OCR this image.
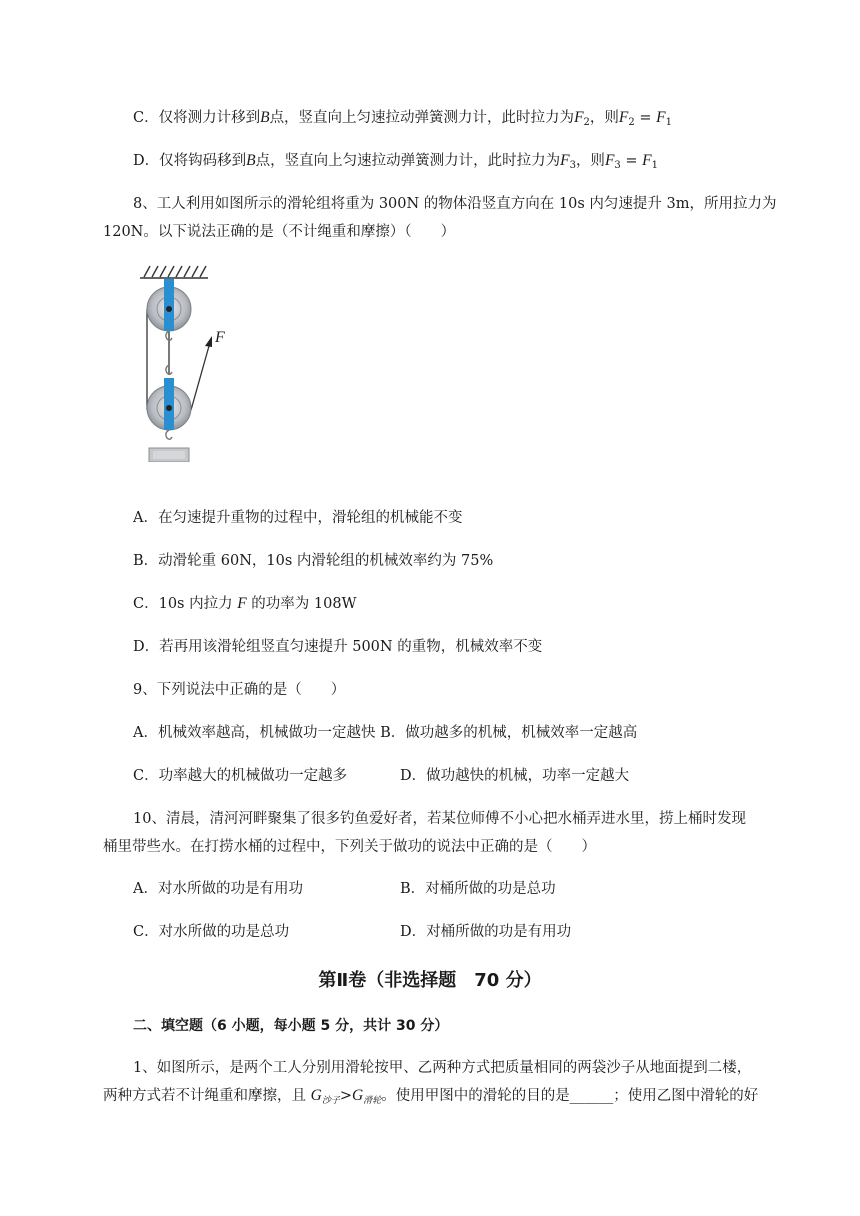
C．仅将测力计移到B点，竖直向上匀速拉动弹簧测力计，此时拉力为$F_2$，则$F_2 = F_1$
D．仅将钩码移到B点，竖直向上匀速拉动弹簧测力计，此时拉力为$F_3$，则$F_3 = F_1$
8、工人利用如图所示的滑轮组将重为 300N 的物体沿竖直方向在 10s 内匀速提升 3m，所用拉力为
120N。以下说法正确的是（不计绳重和摩擦）（　　）
F
A．在匀速提升重物的过程中，滑轮组的机械能不变
B．动滑轮重 60N，10s 内滑轮组的机械效率约为 75%
C．10s 内拉力 F 的功率为 108W
D．若再用该滑轮组竖直匀速提升 500N 的重物，机械效率不变
9、下列说法中正确的是（　　）
A．机械效率越高，机械做功一定越快 B．做功越多的机械，机械效率一定越高
C．功率越大的机械做功一定越多	D．做功越快的机械，功率一定越大
10、清晨，清河河畔聚集了很多钓鱼爱好者，若某位师傅不小心把水桶弄进水里，捞上桶时发现
桶里带些水。在打捞水桶的过程中，下列关于做功的说法中正确的是（　　）
A．对水所做的功是有用功	B．对桶所做的功是总功
C．对水所做的功是总功	D．对桶所做的功是有用功
第Ⅱ卷（非选择题　70 分）
二、填空题（6 小题，每小题 5 分，共计 30 分）
1、如图所示，是两个工人分别用滑轮按甲、乙两种方式把质量相同的两袋沙子从地面提到二楼，
两种方式若不计绳重和摩擦，且 $G_{沙子}>G_{滑轮}$。使用甲图中的滑轮的目的是______；使用乙图中滑轮的好
